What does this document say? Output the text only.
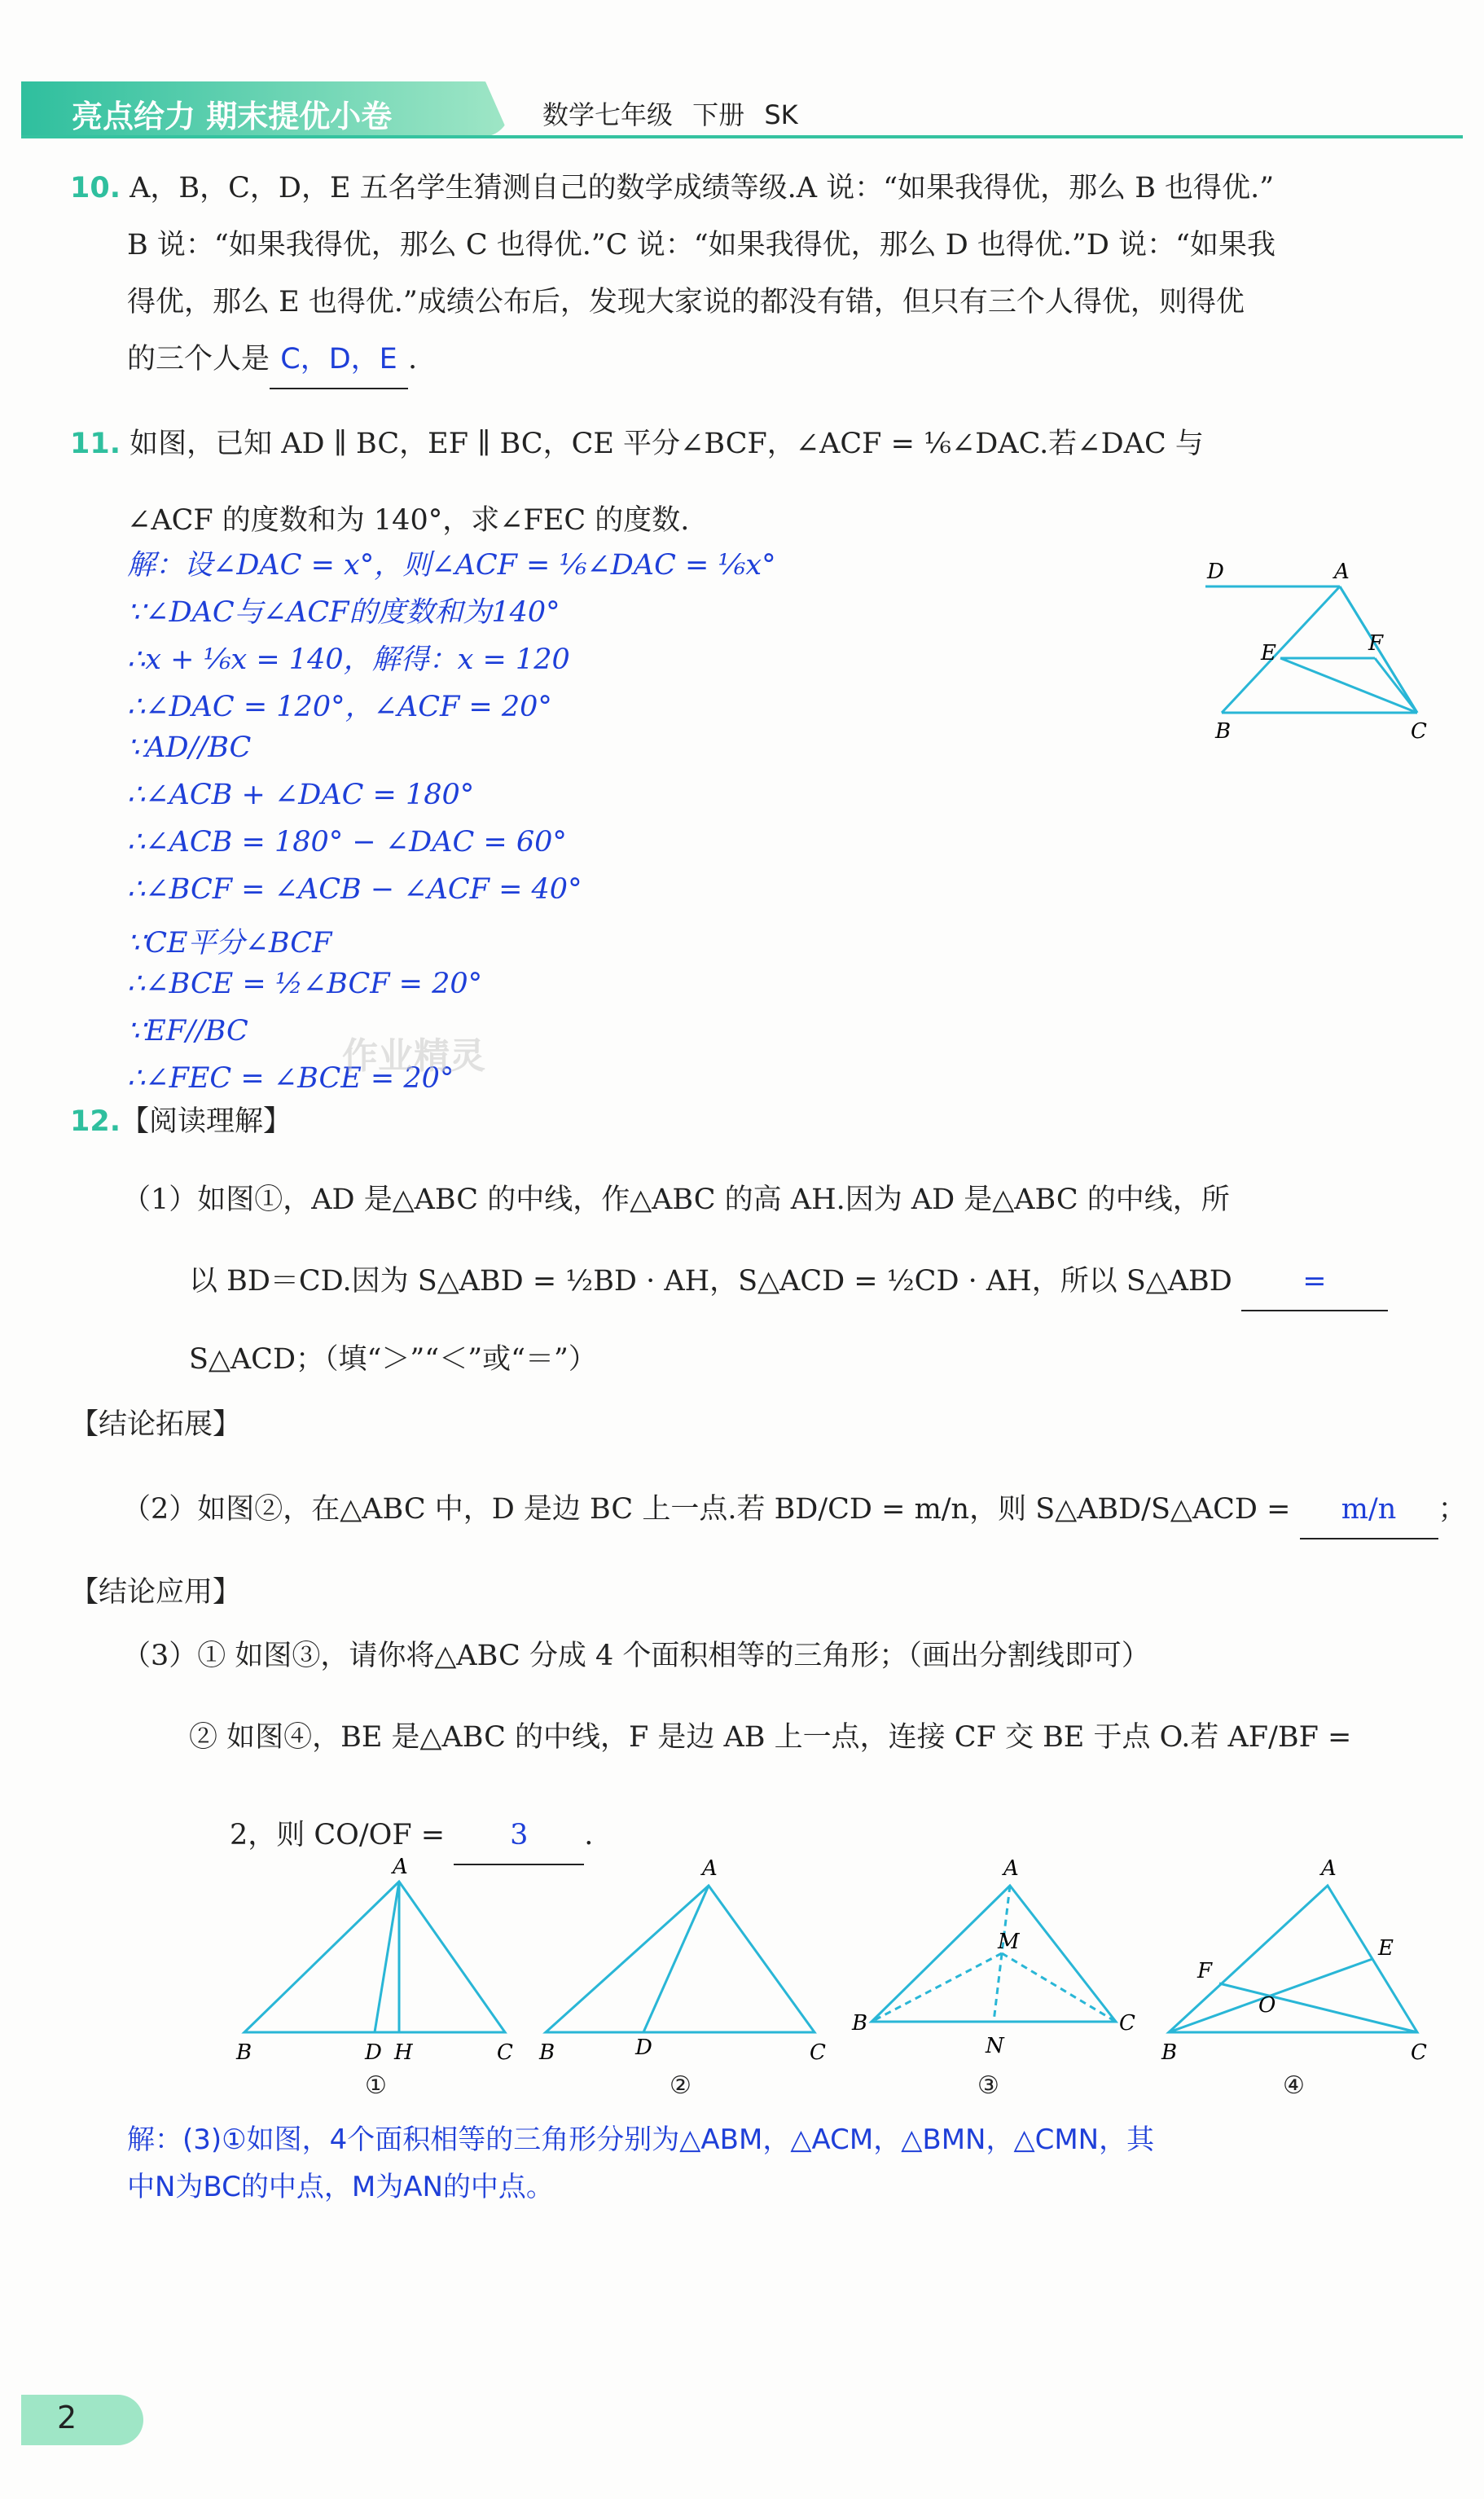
亮点给力 期末提优小卷	数学七年级 下册 SK
10. A，B，C，D，E 五名学生猜测自己的数学成绩等级.A 说：“如果我得优，那么 B 也得优.”
B 说：“如果我得优，那么 C 也得优.”C 说：“如果我得优，那么 D 也得优.”D 说：“如果我
得优，那么 E 也得优.”成绩公布后，发现大家说的都没有错，但只有三个人得优，则得优
的三个人是 C，D，E .
11. 如图，已知 AD ∥ BC，EF ∥ BC，CE 平分∠BCF，∠ACF = ¹⁄₆∠DAC.若∠DAC 与
∠ACF 的度数和为 140°，求∠FEC 的度数.
解：设∠DAC = x°，则∠ACF = ¹⁄₆∠DAC = ¹⁄₆x°
∵∠DAC与∠ACF的度数和为140°
∴x + ¹⁄₆x = 140，解得：x = 120
∴∠DAC = 120°，∠ACF = 20°
∵AD//BC
∴∠ACB + ∠DAC = 180°
∴∠ACB = 180° − ∠DAC = 60°
∴∠BCF = ∠ACB − ∠ACF = 40°
∵CE平分∠BCF
∴∠BCE = ½∠BCF = 20°
∵EF//BC
∴∠FEC = ∠BCE = 20°
作业精灵
D	A
E	F
B	C
12.【阅读理解】
（1）如图①，AD 是△ABC 的中线，作△ABC 的高 AH.因为 AD 是△ABC 的中线，所
以 BD＝CD.因为 S△ABD = ½BD · AH，S△ACD = ½CD · AH，所以 S△ABD =
S△ACD；（填“＞”“＜”或“＝”）
【结论拓展】
（2）如图②，在△ABC 中，D 是边 BC 上一点.若 BD/CD = m/n，则 S△ABD/S△ACD = m/n ；
【结论应用】
（3）① 如图③，请你将△ABC 分成 4 个面积相等的三角形；（画出分割线即可）
② 如图④，BE 是△ABC 的中线，F 是边 AB 上一点，连接 CF 交 BE 于点 O.若 AF/BF =
2，则 CO/OF = 3 .
A
B	D H	C
A
B	D	C
A
M
B
N
C
A
E
F
O
B	C
①	②	③	④
解：(3)①如图，4个面积相等的三角形分别为△ABM，△ACM，△BMN，△CMN，其
中N为BC的中点，M为AN的中点。
2
